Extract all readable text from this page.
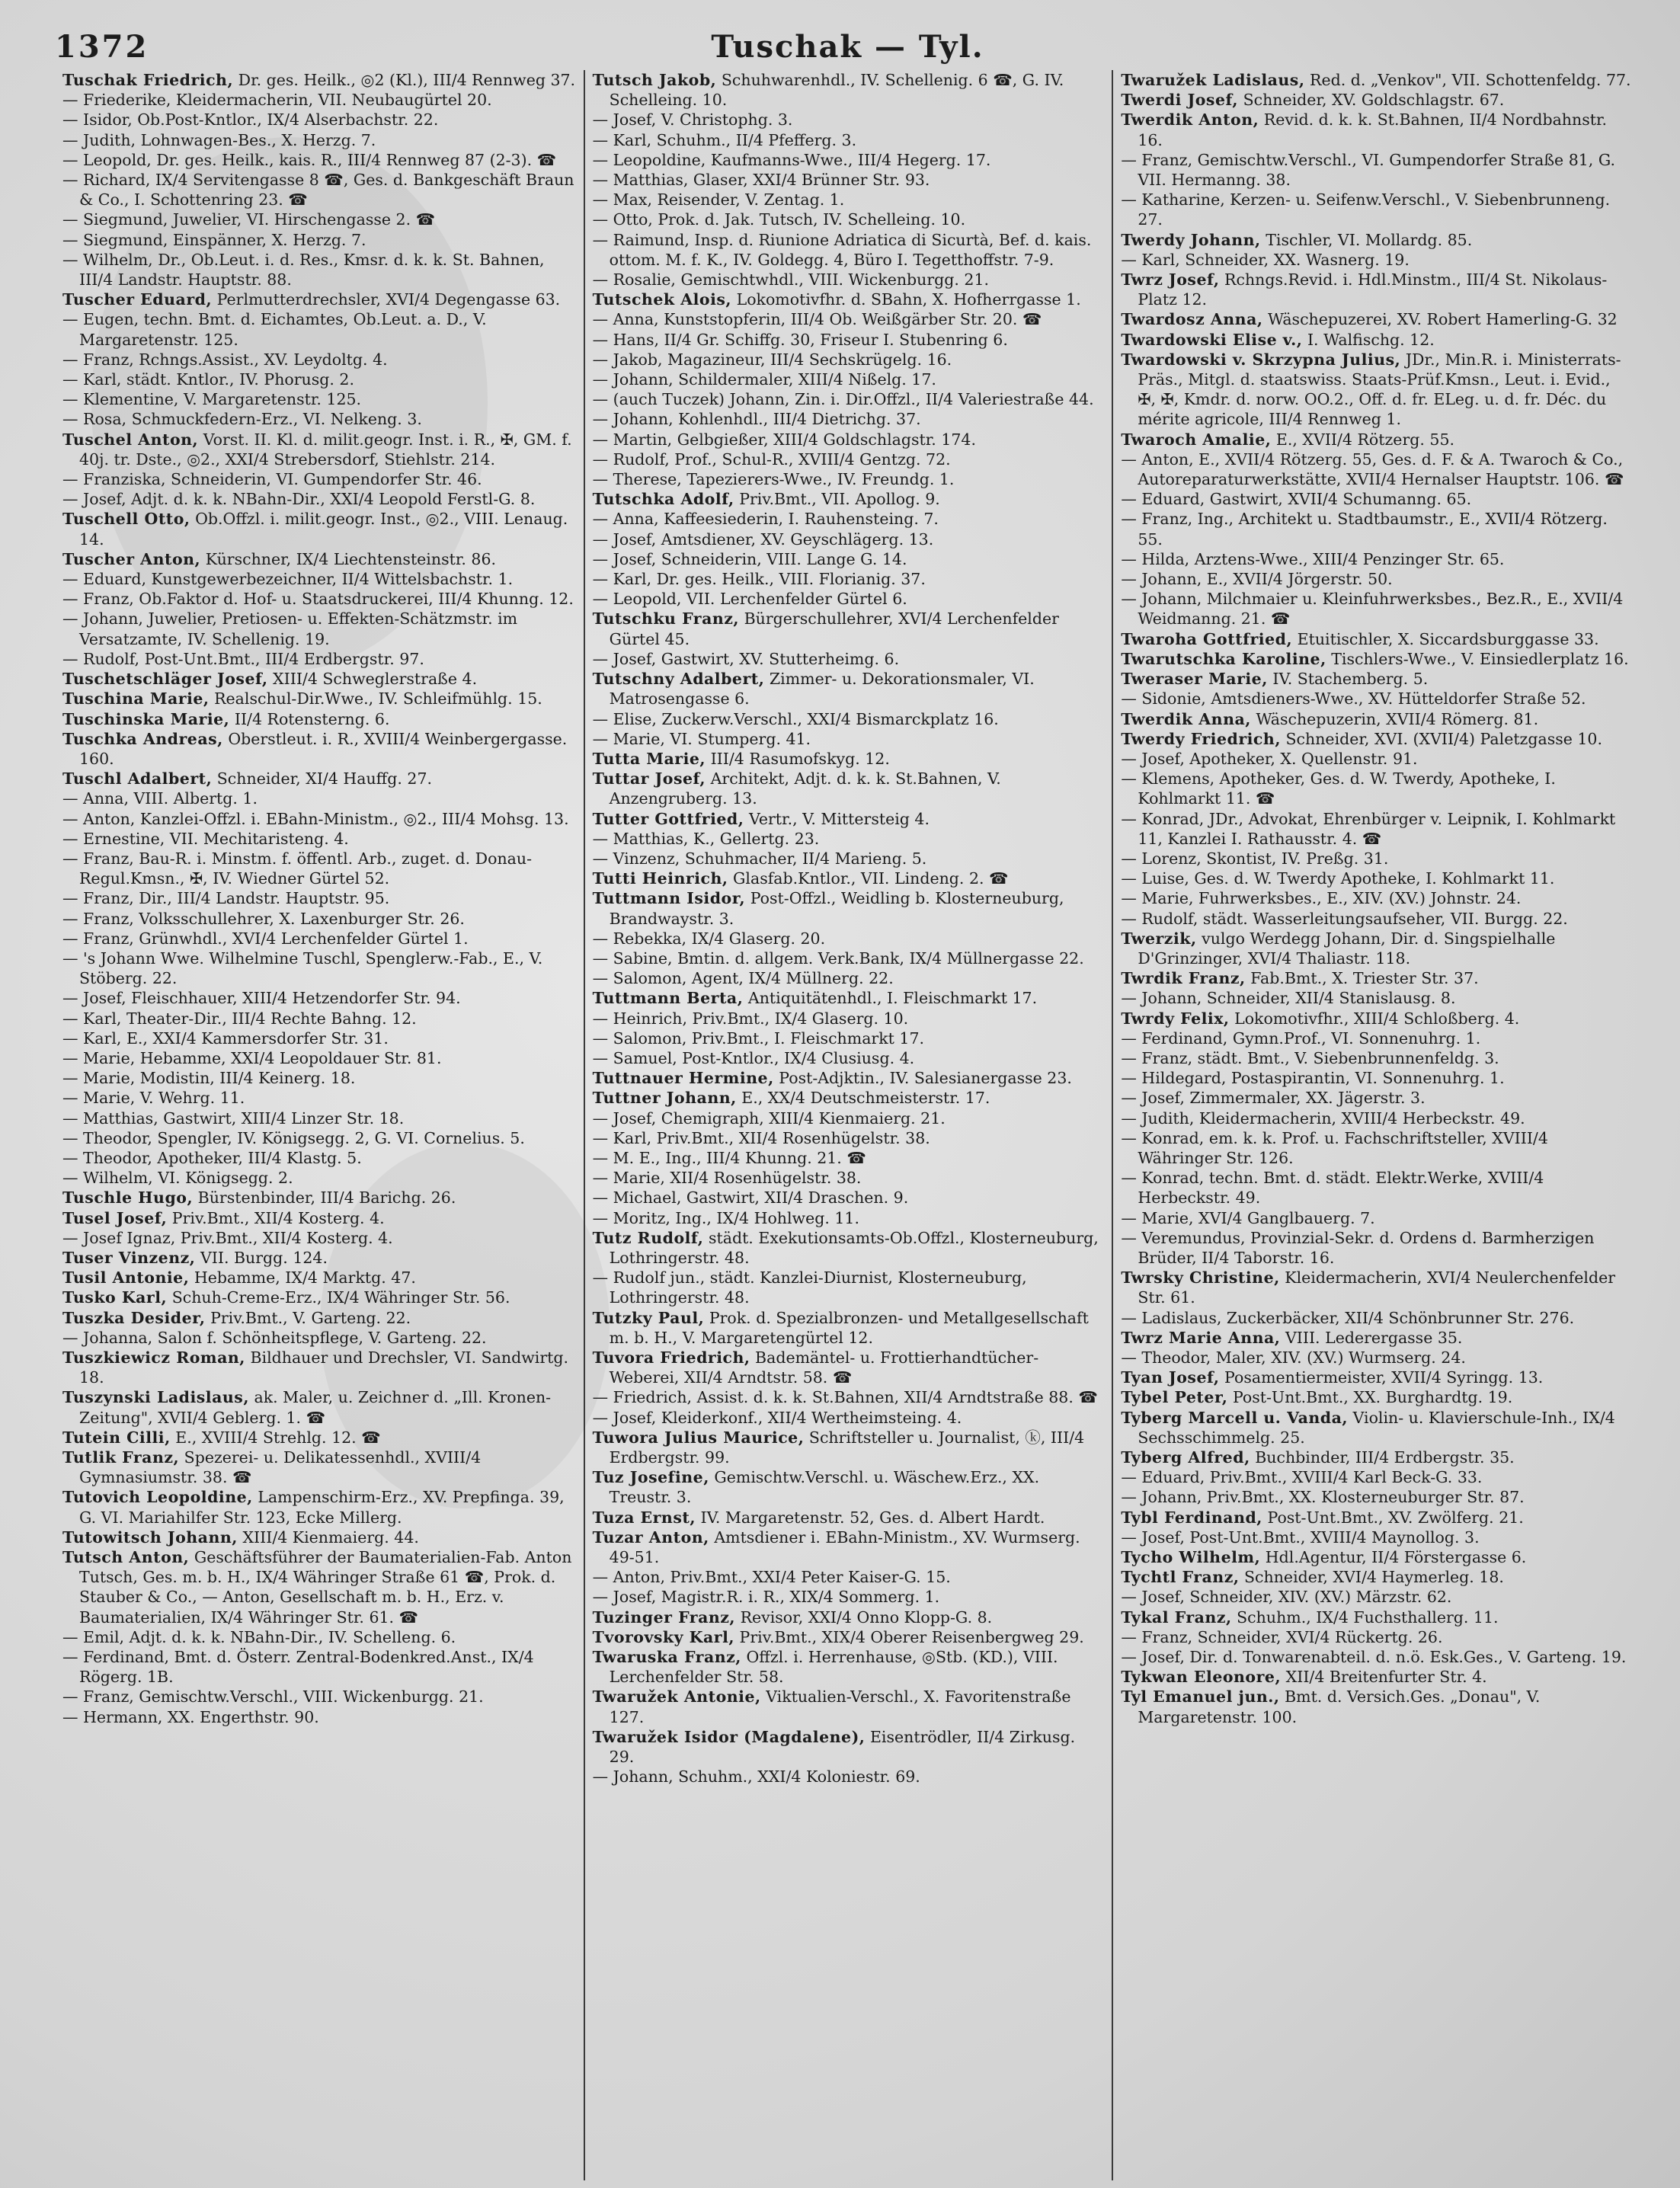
1372	Tuschak — Tyl.
Tuschak Friedrich, Dr. ges. Heilk., ◎2 (Kl.), III/4 Rennweg 37.
— Friederike, Kleidermacherin, VII. Neubaugürtel 20.
— Isidor, Ob.Post-Kntlor., IX/4 Alserbachstr. 22.
— Judith, Lohnwagen-Bes., X. Herzg. 7.
— Leopold, Dr. ges. Heilk., kais. R., III/4 Rennweg 87 (2-3). ☎
— Richard, IX/4 Servitengasse 8 ☎, Ges. d. Bankgeschäft Braun & Co., I. Schottenring 23. ☎
— Siegmund, Juwelier, VI. Hirschengasse 2. ☎
— Siegmund, Einspänner, X. Herzg. 7.
— Wilhelm, Dr., Ob.Leut. i. d. Res., Kmsr. d. k. k. St. Bahnen, III/4 Landstr. Hauptstr. 88.
Tuscher Eduard, Perlmutterdrechsler, XVI/4 Degengasse 63.
— Eugen, techn. Bmt. d. Eichamtes, Ob.Leut. a. D., V. Margaretenstr. 125.
— Franz, Rchngs.Assist., XV. Leydoltg. 4.
— Karl, städt. Kntlor., IV. Phorusg. 2.
— Klementine, V. Margaretenstr. 125.
— Rosa, Schmuckfedern-Erz., VI. Nelkeng. 3.
Tuschel Anton, Vorst. II. Kl. d. milit.geogr. Inst. i. R., ✠, GM. f. 40j. tr. Dste., ◎2., XXI/4 Strebersdorf, Stiehlstr. 214.
— Franziska, Schneiderin, VI. Gumpendorfer Str. 46.
— Josef, Adjt. d. k. k. NBahn-Dir., XXI/4 Leopold Ferstl-G. 8.
Tuschell Otto, Ob.Offzl. i. milit.geogr. Inst., ◎2., VIII. Lenaug. 14.
Tuscher Anton, Kürschner, IX/4 Liechtensteinstr. 86.
— Eduard, Kunstgewerbezeichner, II/4 Wittelsbachstr. 1.
— Franz, Ob.Faktor d. Hof- u. Staatsdruckerei, III/4 Khunng. 12.
— Johann, Juwelier, Pretiosen- u. Effekten-Schätzmstr. im Versatzamte, IV. Schellenig. 19.
— Rudolf, Post-Unt.Bmt., III/4 Erdbergstr. 97.
Tuschetschläger Josef, XIII/4 Schweglerstraße 4.
Tuschina Marie, Realschul-Dir.Wwe., IV. Schleifmühlg. 15.
Tuschinska Marie, II/4 Rotensterng. 6.
Tuschka Andreas, Oberstleut. i. R., XVIII/4 Weinbergergasse. 160.
Tuschl Adalbert, Schneider, XI/4 Hauffg. 27.
— Anna, VIII. Albertg. 1.
— Anton, Kanzlei-Offzl. i. EBahn-Ministm., ◎2., III/4 Mohsg. 13.
— Ernestine, VII. Mechitaristeng. 4.
— Franz, Bau-R. i. Minstm. f. öffentl. Arb., zuget. d. Donau-Regul.Kmsn., ✠, IV. Wiedner Gürtel 52.
— Franz, Dir., III/4 Landstr. Hauptstr. 95.
— Franz, Volksschullehrer, X. Laxenburger Str. 26.
— Franz, Grünwhdl., XVI/4 Lerchenfelder Gürtel 1.
— 's Johann Wwe. Wilhelmine Tuschl, Spenglerw.-Fab., E., V. Stöberg. 22.
— Josef, Fleischhauer, XIII/4 Hetzendorfer Str. 94.
— Karl, Theater-Dir., III/4 Rechte Bahng. 12.
— Karl, E., XXI/4 Kammersdorfer Str. 31.
— Marie, Hebamme, XXI/4 Leopoldauer Str. 81.
— Marie, Modistin, III/4 Keinerg. 18.
— Marie, V. Wehrg. 11.
— Matthias, Gastwirt, XIII/4 Linzer Str. 18.
— Theodor, Spengler, IV. Königsegg. 2, G. VI. Cornelius. 5.
— Theodor, Apotheker, III/4 Klastg. 5.
— Wilhelm, VI. Königsegg. 2.
Tuschle Hugo, Bürstenbinder, III/4 Barichg. 26.
Tusel Josef, Priv.Bmt., XII/4 Kosterg. 4.
— Josef Ignaz, Priv.Bmt., XII/4 Kosterg. 4.
Tuser Vinzenz, VII. Burgg. 124.
Tusil Antonie, Hebamme, IX/4 Marktg. 47.
Tusko Karl, Schuh-Creme-Erz., IX/4 Währinger Str. 56.
Tuszka Desider, Priv.Bmt., V. Garteng. 22.
— Johanna, Salon f. Schönheitspflege, V. Garteng. 22.
Tuszkiewicz Roman, Bildhauer und Drechsler, VI. Sandwirtg. 18.
Tuszynski Ladislaus, ak. Maler, u. Zeichner d. „Ill. Kronen-Zeitung", XVII/4 Geblerg. 1. ☎
Tutein Cilli, E., XVIII/4 Strehlg. 12. ☎
Tutlik Franz, Spezerei- u. Delikatessenhdl., XVIII/4 Gymnasiumstr. 38. ☎
Tutovich Leopoldine, Lampenschirm-Erz., XV. Prepfinga. 39, G. VI. Mariahilfer Str. 123, Ecke Millerg.
Tutowitsch Johann, XIII/4 Kienmaierg. 44.
Tutsch Anton, Geschäftsführer der Baumaterialien-Fab. Anton Tutsch, Ges. m. b. H., IX/4 Währinger Straße 61 ☎, Prok. d. Stauber & Co., — Anton, Gesellschaft m. b. H., Erz. v. Baumaterialien, IX/4 Währinger Str. 61. ☎
— Emil, Adjt. d. k. k. NBahn-Dir., IV. Schelleng. 6.
— Ferdinand, Bmt. d. Österr. Zentral-Bodenkred.Anst., IX/4 Rögerg. 1B.
— Franz, Gemischtw.Verschl., VIII. Wickenburgg. 21.
— Hermann, XX. Engerthstr. 90.
Tutsch Jakob, Schuhwarenhdl., IV. Schellenig. 6 ☎, G. IV. Schelleing. 10.
— Josef, V. Christophg. 3.
— Karl, Schuhm., II/4 Pfefferg. 3.
— Leopoldine, Kaufmanns-Wwe., III/4 Hegerg. 17.
— Matthias, Glaser, XXI/4 Brünner Str. 93.
— Max, Reisender, V. Zentag. 1.
— Otto, Prok. d. Jak. Tutsch, IV. Schelleing. 10.
— Raimund, Insp. d. Riunione Adriatica di Sicurtà, Bef. d. kais. ottom. M. f. K., IV. Goldegg. 4, Büro I. Tegetthoffstr. 7-9.
— Rosalie, Gemischtwhdl., VIII. Wickenburgg. 21.
Tutschek Alois, Lokomotivfhr. d. SBahn, X. Hofherrgasse 1.
— Anna, Kunststopferin, III/4 Ob. Weißgärber Str. 20. ☎
— Hans, II/4 Gr. Schiffg. 30, Friseur I. Stubenring 6.
— Jakob, Magazineur, III/4 Sechskrügelg. 16.
— Johann, Schildermaler, XIII/4 Nißelg. 17.
— (auch Tuczek) Johann, Zin. i. Dir.Offzl., II/4 Valeriestraße 44.
— Johann, Kohlenhdl., III/4 Dietrichg. 37.
— Martin, Gelbgießer, XIII/4 Goldschlagstr. 174.
— Rudolf, Prof., Schul-R., XVIII/4 Gentzg. 72.
— Therese, Tapezierers-Wwe., IV. Freundg. 1.
Tutschka Adolf, Priv.Bmt., VII. Apollog. 9.
— Anna, Kaffeesiederin, I. Rauhensteing. 7.
— Josef, Amtsdiener, XV. Geyschlägerg. 13.
— Josef, Schneiderin, VIII. Lange G. 14.
— Karl, Dr. ges. Heilk., VIII. Florianig. 37.
— Leopold, VII. Lerchenfelder Gürtel 6.
Tutschku Franz, Bürgerschullehrer, XVI/4 Lerchenfelder Gürtel 45.
— Josef, Gastwirt, XV. Stutterheimg. 6.
Tutschny Adalbert, Zimmer- u. Dekorationsmaler, VI. Matrosengasse 6.
— Elise, Zuckerw.Verschl., XXI/4 Bismarckplatz 16.
— Marie, VI. Stumperg. 41.
Tutta Marie, III/4 Rasumofskyg. 12.
Tuttar Josef, Architekt, Adjt. d. k. k. St.Bahnen, V. Anzengruberg. 13.
Tutter Gottfried, Vertr., V. Mittersteig 4.
— Matthias, K., Gellertg. 23.
— Vinzenz, Schuhmacher, II/4 Marieng. 5.
Tutti Heinrich, Glasfab.Kntlor., VII. Lindeng. 2. ☎
Tuttmann Isidor, Post-Offzl., Weidling b. Klosterneuburg, Brandwaystr. 3.
— Rebekka, IX/4 Glaserg. 20.
— Sabine, Bmtin. d. allgem. Verk.Bank, IX/4 Müllnergasse 22.
— Salomon, Agent, IX/4 Müllnerg. 22.
Tuttmann Berta, Antiquitätenhdl., I. Fleischmarkt 17.
— Heinrich, Priv.Bmt., IX/4 Glaserg. 10.
— Salomon, Priv.Bmt., I. Fleischmarkt 17.
— Samuel, Post-Kntlor., IX/4 Clusiusg. 4.
Tuttnauer Hermine, Post-Adjktin., IV. Salesianergasse 23.
Tuttner Johann, E., XX/4 Deutschmeisterstr. 17.
— Josef, Chemigraph, XIII/4 Kienmaierg. 21.
— Karl, Priv.Bmt., XII/4 Rosenhügelstr. 38.
— M. E., Ing., III/4 Khunng. 21. ☎
— Marie, XII/4 Rosenhügelstr. 38.
— Michael, Gastwirt, XII/4 Draschen. 9.
— Moritz, Ing., IX/4 Hohlweg. 11.
Tutz Rudolf, städt. Exekutionsamts-Ob.Offzl., Klosterneuburg, Lothringerstr. 48.
— Rudolf jun., städt. Kanzlei-Diurnist, Klosterneuburg, Lothringerstr. 48.
Tutzky Paul, Prok. d. Spezialbronzen- und Metallgesellschaft m. b. H., V. Margaretengürtel 12.
Tuvora Friedrich, Bademäntel- u. Frottierhandtücher-Weberei, XII/4 Arndtstr. 58. ☎
— Friedrich, Assist. d. k. k. St.Bahnen, XII/4 Arndtstraße 88. ☎
— Josef, Kleiderkonf., XII/4 Wertheimsteing. 4.
Tuwora Julius Maurice, Schriftsteller u. Journalist, ⓚ, III/4 Erdbergstr. 99.
Tuz Josefine, Gemischtw.Verschl. u. Wäschew.Erz., XX. Treustr. 3.
Tuza Ernst, IV. Margaretenstr. 52, Ges. d. Albert Hardt.
Tuzar Anton, Amtsdiener i. EBahn-Ministm., XV. Wurmserg. 49-51.
— Anton, Priv.Bmt., XXI/4 Peter Kaiser-G. 15.
— Josef, Magistr.R. i. R., XIX/4 Sommerg. 1.
Tuzinger Franz, Revisor, XXI/4 Onno Klopp-G. 8.
Tvorovsky Karl, Priv.Bmt., XIX/4 Oberer Reisenbergweg 29.
Twaruska Franz, Offzl. i. Herrenhause, ◎Stb. (KD.), VIII. Lerchenfelder Str. 58.
Twaružek Antonie, Viktualien-Verschl., X. Favoritenstraße 127.
Twaružek Isidor (Magdalene), Eisentrödler, II/4 Zirkusg. 29.
— Johann, Schuhm., XXI/4 Koloniestr. 69.
Twaružek Ladislaus, Red. d. „Venkov", VII. Schottenfeldg. 77.
Twerdi Josef, Schneider, XV. Goldschlagstr. 67.
Twerdik Anton, Revid. d. k. k. St.Bahnen, II/4 Nordbahnstr. 16.
— Franz, Gemischtw.Verschl., VI. Gumpendorfer Straße 81, G. VII. Hermanng. 38.
— Katharine, Kerzen- u. Seifenw.Verschl., V. Siebenbrunneng. 27.
Twerdy Johann, Tischler, VI. Mollardg. 85.
— Karl, Schneider, XX. Wasnerg. 19.
Twrz Josef, Rchngs.Revid. i. Hdl.Minstm., III/4 St. Nikolaus-Platz 12.
Twardosz Anna, Wäschepuzerei, XV. Robert Hamerling-G. 32
Twardowski Elise v., I. Walfischg. 12.
Twardowski v. Skrzypna Julius, JDr., Min.R. i. Ministerrats-Präs., Mitgl. d. staatswiss. Staats-Prüf.Kmsn., Leut. i. Evid., ✠, ✠, Kmdr. d. norw. OO.2., Off. d. fr. ELeg. u. d. fr. Déc. du mérite agricole, III/4 Rennweg 1.
Twaroch Amalie, E., XVII/4 Rötzerg. 55.
— Anton, E., XVII/4 Rötzerg. 55, Ges. d. F. & A. Twaroch & Co., Autoreparaturwerkstätte, XVII/4 Hernalser Hauptstr. 106. ☎
— Eduard, Gastwirt, XVII/4 Schumanng. 65.
— Franz, Ing., Architekt u. Stadtbaumstr., E., XVII/4 Rötzerg. 55.
— Hilda, Arztens-Wwe., XIII/4 Penzinger Str. 65.
— Johann, E., XVII/4 Jörgerstr. 50.
— Johann, Milchmaier u. Kleinfuhrwerksbes., Bez.R., E., XVII/4 Weidmanng. 21. ☎
Twaroha Gottfried, Etuitischler, X. Siccardsburggasse 33.
Twarutschka Karoline, Tischlers-Wwe., V. Einsiedlerplatz 16.
Tweraser Marie, IV. Stachemberg. 5.
— Sidonie, Amtsdieners-Wwe., XV. Hütteldorfer Straße 52.
Twerdik Anna, Wäschepuzerin, XVII/4 Römerg. 81.
Twerdy Friedrich, Schneider, XVI. (XVII/4) Paletzgasse 10.
— Josef, Apotheker, X. Quellenstr. 91.
— Klemens, Apotheker, Ges. d. W. Twerdy, Apotheke, I. Kohlmarkt 11. ☎
— Konrad, JDr., Advokat, Ehrenbürger v. Leipnik, I. Kohlmarkt 11, Kanzlei I. Rathausstr. 4. ☎
— Lorenz, Skontist, IV. Preßg. 31.
— Luise, Ges. d. W. Twerdy Apotheke, I. Kohlmarkt 11.
— Marie, Fuhrwerksbes., E., XIV. (XV.) Johnstr. 24.
— Rudolf, städt. Wasserleitungsaufseher, VII. Burgg. 22.
Twerzik, vulgo Werdegg Johann, Dir. d. Singspielhalle D'Grinzinger, XVI/4 Thaliastr. 118.
Twrdik Franz, Fab.Bmt., X. Triester Str. 37.
— Johann, Schneider, XII/4 Stanislausg. 8.
Twrdy Felix, Lokomotivfhr., XIII/4 Schloßberg. 4.
— Ferdinand, Gymn.Prof., VI. Sonnenuhrg. 1.
— Franz, städt. Bmt., V. Siebenbrunnenfeldg. 3.
— Hildegard, Postaspirantin, VI. Sonnenuhrg. 1.
— Josef, Zimmermaler, XX. Jägerstr. 3.
— Judith, Kleidermacherin, XVIII/4 Herbeckstr. 49.
— Konrad, em. k. k. Prof. u. Fachschriftsteller, XVIII/4 Währinger Str. 126.
— Konrad, techn. Bmt. d. städt. Elektr.Werke, XVIII/4 Herbeckstr. 49.
— Marie, XVI/4 Ganglbauerg. 7.
— Veremundus, Provinzial-Sekr. d. Ordens d. Barmherzigen Brüder, II/4 Taborstr. 16.
Twrsky Christine, Kleidermacherin, XVI/4 Neulerchenfelder Str. 61.
— Ladislaus, Zuckerbäcker, XII/4 Schönbrunner Str. 276.
Twrz Marie Anna, VIII. Lederergasse 35.
— Theodor, Maler, XIV. (XV.) Wurmserg. 24.
Tyan Josef, Posamentiermeister, XVII/4 Syringg. 13.
Tybel Peter, Post-Unt.Bmt., XX. Burghardtg. 19.
Tyberg Marcell u. Vanda, Violin- u. Klavierschule-Inh., IX/4 Sechsschimmelg. 25.
Tyberg Alfred, Buchbinder, III/4 Erdbergstr. 35.
— Eduard, Priv.Bmt., XVIII/4 Karl Beck-G. 33.
— Johann, Priv.Bmt., XX. Klosterneuburger Str. 87.
Tybl Ferdinand, Post-Unt.Bmt., XV. Zwölferg. 21.
— Josef, Post-Unt.Bmt., XVIII/4 Maynollog. 3.
Tycho Wilhelm, Hdl.Agentur, II/4 Förstergasse 6.
Tychtl Franz, Schneider, XVI/4 Haymerleg. 18.
— Josef, Schneider, XIV. (XV.) Märzstr. 62.
Tykal Franz, Schuhm., IX/4 Fuchsthallerg. 11.
— Franz, Schneider, XVI/4 Rückertg. 26.
— Josef, Dir. d. Tonwarenabteil. d. n.ö. Esk.Ges., V. Garteng. 19.
Tykwan Eleonore, XII/4 Breitenfurter Str. 4.
Tyl Emanuel jun., Bmt. d. Versich.Ges. „Donau", V. Margaretenstr. 100.
